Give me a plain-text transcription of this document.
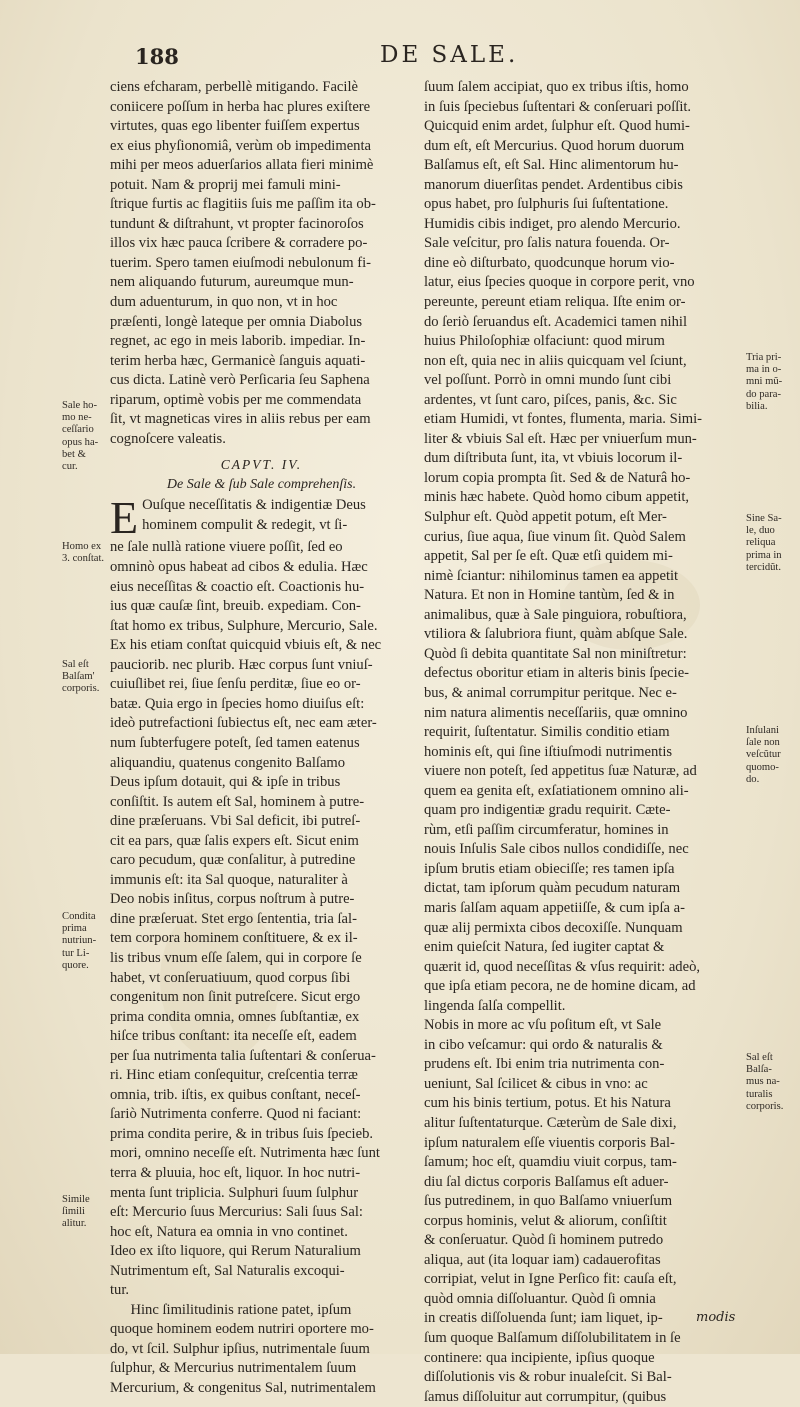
188	DE SALE.
ciens efcharam, perbellè mitigando. Facilè
coniicere poſſum in herba hac plures exiſtere
virtutes, quas ego libenter fuiſſem expertus
ex eius phyſionomiâ, verùm ob impedimenta
mihi per meos aduerſarios allata fieri minimè
potuit. Nam & proprij mei famuli mini-
ſtrique furtis ac flagitiis ſuis me paſſim ita ob-
tundunt & diſtrahunt, vt propter facinoroſos
illos vix hæc pauca ſcribere & corradere po-
tuerim. Spero tamen eiuſmodi nebulonum fi-
nem aliquando futurum, aureumque mun-
dum aduenturum, in quo non, vt in hoc
præſenti, longè lateque per omnia Diabolus
regnet, ac ego in meis laborib. impediar. In-
terim herba hæc, Germanicè ſanguis aquati-
cus dicta. Latinè verò Perſicaria ſeu Saphena
riparum, optimè vobis per me commendata
ſit, vt magneticas vires in aliis rebus per eam
cognoſcere valeatis.
CAPVT. IV.
De Sale & ſub Sale comprehenſis.
E Ouſque neceſſitatis & indigentiæ Deus
hominem compulit & redegit, vt ſi-
ne ſale nullà ratione viuere poſſit, ſed eo
omninò opus habeat ad cibos & edulia. Hæc
eius neceſſitas & coactio eſt. Coactionis hu-
ius quæ cauſæ ſint, breuib. expediam. Con-
ſtat homo ex tribus, Sulphure, Mercurio, Sale.
Ex his etiam conſtat quicquid vbiuis eſt, & nec
pauciorib. nec plurib. Hæc corpus ſunt vniuſ-
cuiuſlibet rei, ſiue ſenſu perditæ, ſiue eo or-
batæ. Quia ergo in ſpecies homo diuiſus eſt:
ideò putrefactioni ſubiectus eſt, nec eam æter-
num ſubterfugere poteſt, ſed tamen eatenus
aliquandiu, quatenus congenito Balſamo
Deus ipſum dotauit, qui & ipſe in tribus
conſiſtit. Is autem eſt Sal, hominem à putre-
dine præſeruans. Vbi Sal deficit, ibi putreſ-
cit ea pars, quæ ſalis expers eſt. Sicut enim
caro pecudum, quæ conſalitur, à putredine
immunis eſt: ita Sal quoque, naturaliter à
Deo nobis inſitus, corpus noſtrum à putre-
dine præſeruat. Stet ergo ſententia, tria ſal-
tem corpora hominem conſtituere, & ex il-
lis tribus vnum eſſe ſalem, qui in corpore ſe
habet, vt conſeruatiuum, quod corpus ſibi
congenitum non ſinit putreſcere. Sicut ergo
prima condita omnia, omnes ſubſtantiæ, ex
hiſce tribus conſtant: ita neceſſe eſt, eadem
per ſua nutrimenta talia ſuſtentari & conſerua-
ri. Hinc etiam conſequitur, creſcentia terræ
omnia, trib. iſtis, ex quibus conſtant, neceſ-
ſariò Nutrimenta conferre. Quod ni faciant:
prima condita perire, & in tribus ſuis ſpecieb.
mori, omnino neceſſe eſt. Nutrimenta hæc ſunt
terra & pluuia, hoc eſt, liquor. In hoc nutri-
menta ſunt triplicia. Sulphuri ſuum ſulphur
eſt: Mercurio ſuus Mercurius: Sali ſuus Sal:
hoc eſt, Natura ea omnia in vno continet.
Ideo ex iſto liquore, qui Rerum Naturalium
Nutrimentum eſt, Sal Naturalis excoqui-
tur.
Hinc ſimilitudinis ratione patet, ipſum
quoque hominem eodem nutriri oportere mo-
do, vt ſcil. Sulphur ipſius, nutrimentale ſuum
ſulphur, & Mercurius nutrimentalem ſuum
Mercurium, & congenitus Sal, nutrimentalem
ſuum ſalem accipiat, quo ex tribus iſtis, homo
in ſuis ſpeciebus ſuſtentari & conſeruari poſſit.
Quicquid enim ardet, ſulphur eſt. Quod humi-
dum eſt, eſt Mercurius. Quod horum duorum
Balſamus eſt, eſt Sal. Hinc alimentorum hu-
manorum diuerſitas pendet. Ardentibus cibis
opus habet, pro ſulphuris ſui ſuſtentatione.
Humidis cibis indiget, pro alendo Mercurio.
Sale veſcitur, pro ſalis natura fouenda. Or-
dine eò diſturbato, quodcunque horum vio-
latur, eius ſpecies quoque in corpore perit, vno
pereunte, pereunt etiam reliqua. Iſte enim or-
do ſeriò ſeruandus eſt. Academici tamen nihil
huius Philoſophiæ olfaciunt: quod mirum
non eſt, quia nec in aliis quicquam vel ſciunt,
vel poſſunt. Porrò in omni mundo ſunt cibi
ardentes, vt ſunt caro, piſces, panis, &c. Sic
etiam Humidi, vt fontes, flumenta, maria. Simi-
liter & vbiuis Sal eſt. Hæc per vniuerſum mun-
dum diſtributa ſunt, ita, vt vbiuis locorum il-
lorum copia prompta ſit. Sed & de Naturâ ho-
minis hæc habete. Quòd homo cibum appetit,
Sulphur eſt. Quòd appetit potum, eſt Mer-
curius, ſiue aqua, ſiue vinum ſit. Quòd Salem
appetit, Sal per ſe eſt. Quæ etſi quidem mi-
nimè ſciantur: nihilominus tamen ea appetit
Natura. Et non in Homine tantùm, ſed & in
animalibus, quæ à Sale pinguiora, robuſtiora,
vtiliora & ſalubriora fiunt, quàm abſque Sale.
Quòd ſi debita quantitate Sal non miniſtretur:
defectus oboritur etiam in alteris binis ſpecie-
bus, & animal corrumpitur peritque. Nec e-
nim natura alimentis neceſſariis, quæ omnino
requirit, ſuſtentatur. Similis conditio etiam
hominis eſt, qui ſine iſtiuſmodi nutrimentis
viuere non poteſt, ſed appetitus ſuæ Naturæ, ad
quem ea genita eſt, exſatiationem omnino ali-
quam pro indigentiæ gradu requirit. Cæte-
rùm, etſi paſſim circumferatur, homines in
nouis Inſulis Sale cibos nullos condidiſſe, nec
ipſum brutis etiam obieciſſe; res tamen ipſa
dictat, tam ipſorum quàm pecudum naturam
maris ſalſam aquam appetiiſſe, & cum ipſa a-
quæ alij permixta cibos decoxiſſe. Nunquam
enim quieſcit Natura, ſed iugiter captat &
quærit id, quod neceſſitas & vſus requirit: adeò,
que ipſa etiam pecora, ne de homine dicam, ad
lingenda ſalſa compellit.
Nobis in more ac vſu poſitum eſt, vt Sale
in cibo veſcamur: qui ordo & naturalis &
prudens eſt. Ibi enim tria nutrimenta con-
ueniunt, Sal ſcilicet & cibus in vno: ac
cum his binis tertium, potus. Et his Natura
alitur ſuſtentaturque. Cæterùm de Sale dixi,
ipſum naturalem eſſe viuentis corporis Bal-
ſamum; hoc eſt, quamdiu viuit corpus, tam-
diu ſal dictus corporis Balſamus eſt aduer-
ſus putredinem, in quo Balſamo vniuerſum
corpus hominis, velut & aliorum, conſiſtit
& conſeruatur. Quòd ſi hominem putredo
aliqua, aut (ita loquar iam) cadauerofitas
corripiat, velut in Igne Perſico fit: cauſa eſt,
quòd omnia diſſoluantur. Quòd ſi omnia
in creatis diſſoluenda ſunt; iam liquet, ip-
ſum quoque Balſamum diſſolubilitatem in ſe
continere: qua incipiente, ipſius quoque
diſſolutionis vis & robur inualeſcit. Si Bal-
ſamus diſſoluitur aut corrumpitur, (quibus
Sale ho-
mo ne-
ceſſario
opus ha-
bet &
cur.
Homo ex
3. conſtat.
Sal eſt
Balſam'
corporis.
Condita
prima
nutriun-
tur Li-
quore.
Simile
ſimili
alitur.
Tria pri-
ma in o-
mni mũ-
do para-
bilia.
Sine Sa-
le, duo
reliqua
prima in
tercidũt.
Inſulani
ſale non
veſcũtur
quomo-
do.
Sal eſt
Balſa-
mus na-
turalis
corporis.
modis
